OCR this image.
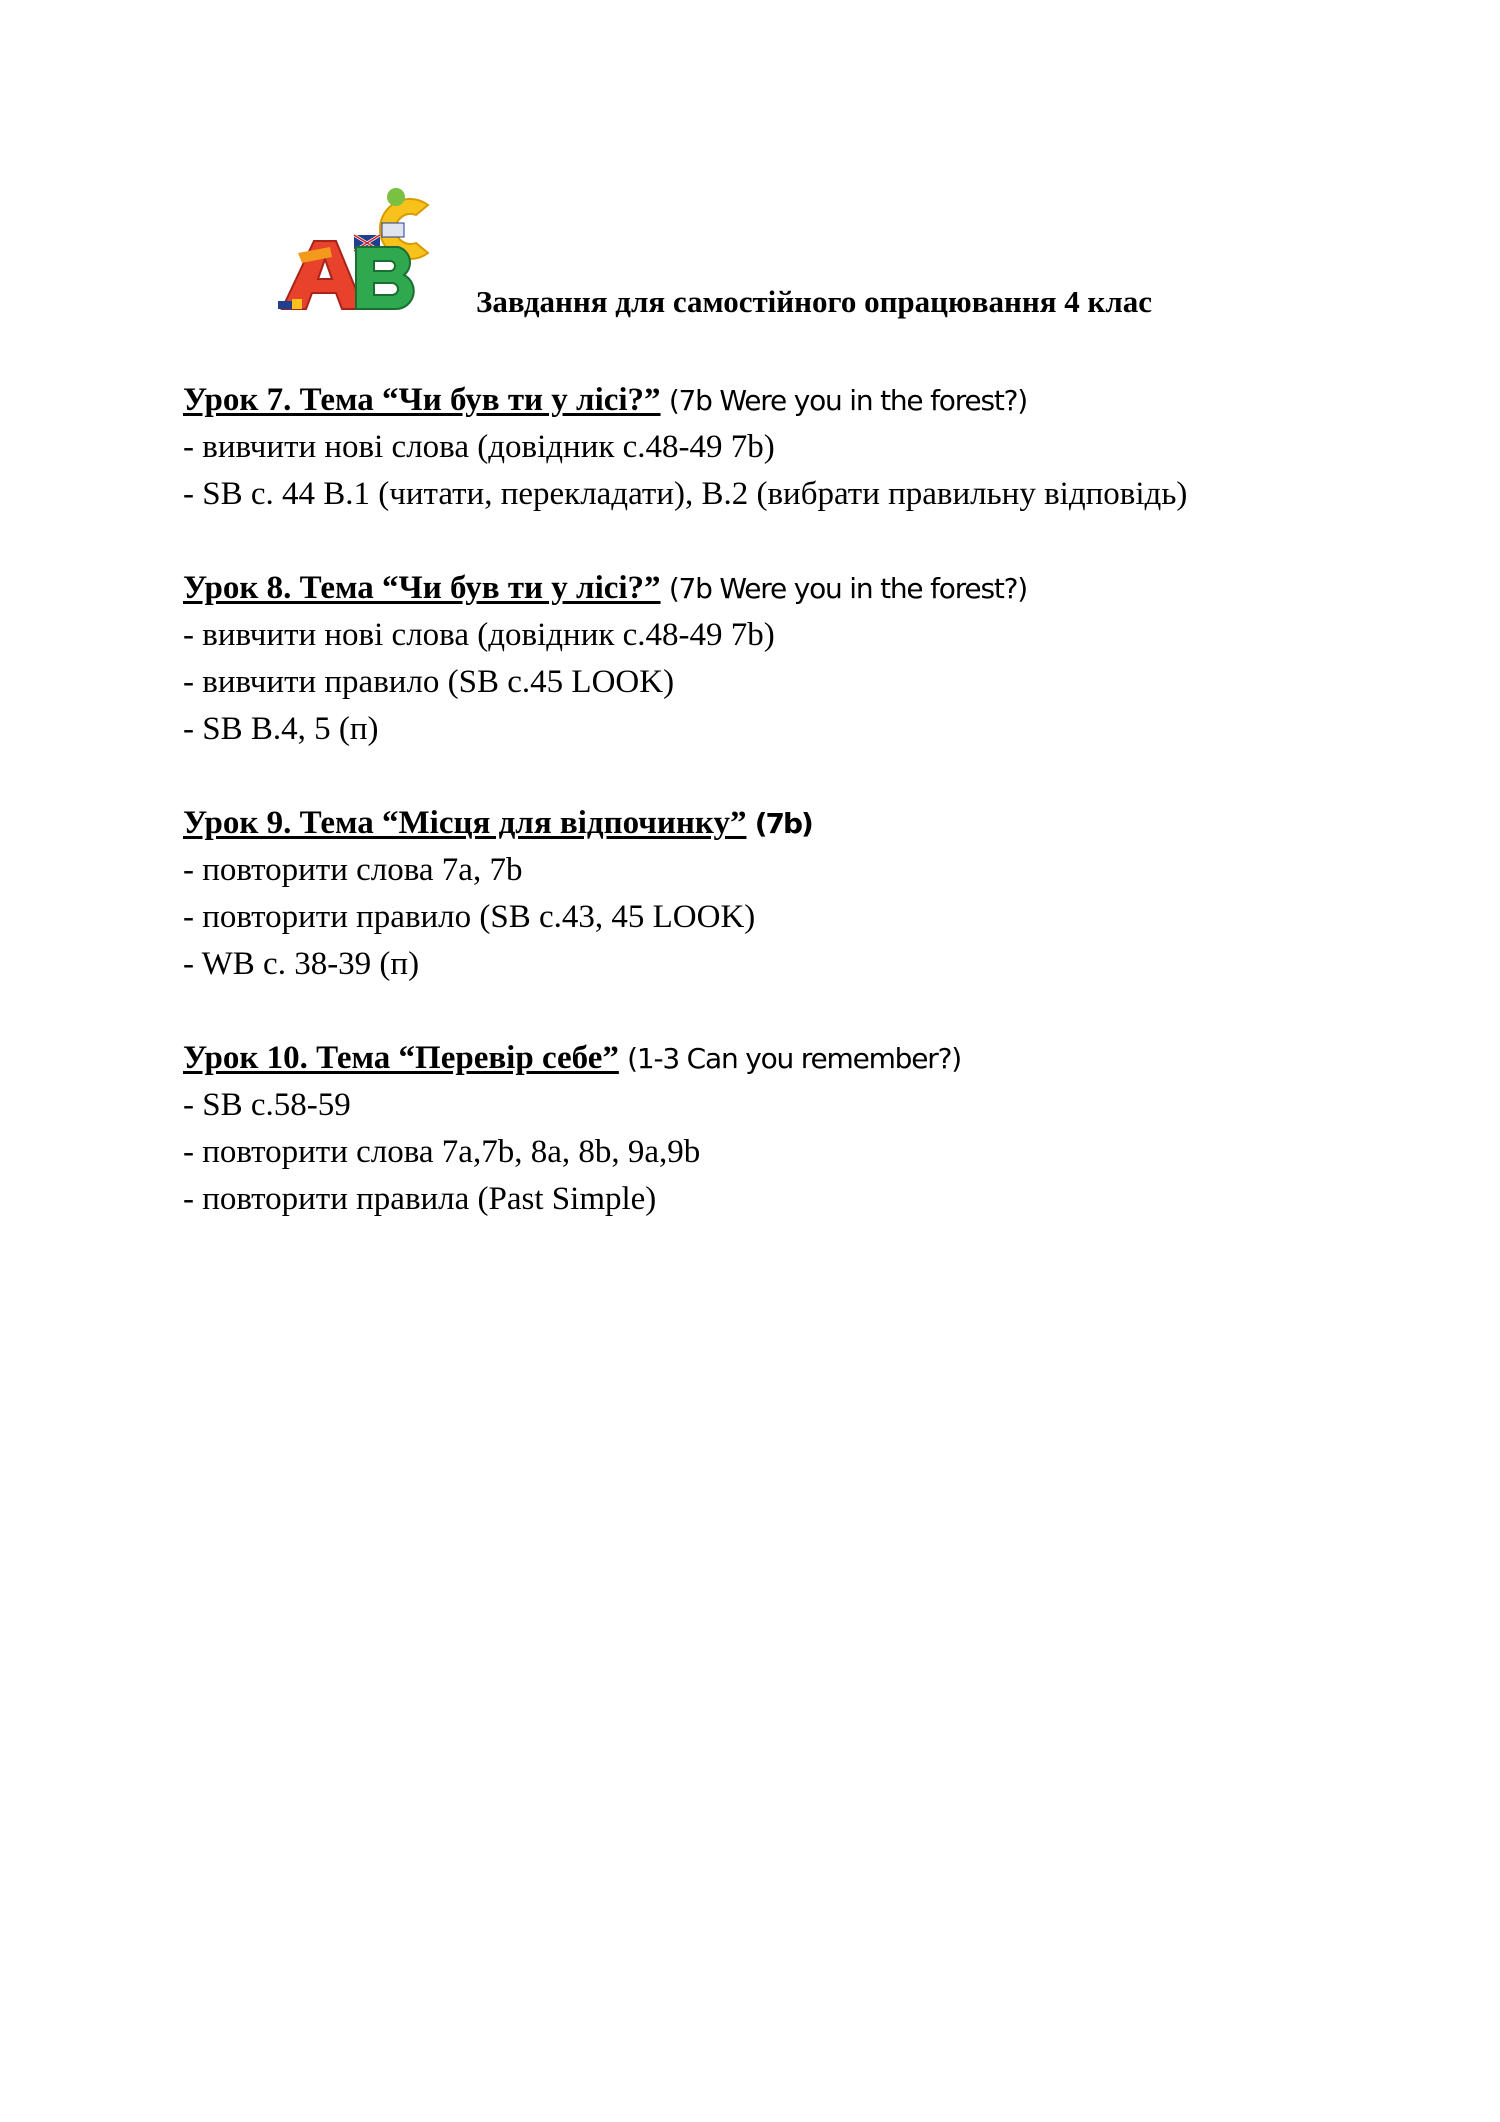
Завдання для самостійного опрацювання 4 клас
Урок 7. Тема “Чи був ти у лісі?” (7b Were you in the forest?)
- вивчити нові слова (довідник с.48-49 7b)
- SB с. 44 В.1 (читати, перекладати), В.2 (вибрати правильну відповідь)
Урок 8. Тема “Чи був ти у лісі?” (7b Were you in the forest?)
- вивчити нові слова (довідник с.48-49 7b)
- вивчити правило (SB с.45 LOOK)
- SB В.4, 5 (п)
Урок 9. Тема “Місця для відпочинку” (7b)
- повторити слова 7а, 7b
- повторити правило (SB с.43, 45 LOOK)
- WB с. 38-39 (п)
Урок 10. Тема “Перевір себе” (1-3 Can you remember?)
- SB c.58-59
- повторити слова 7а,7b, 8a, 8b, 9a,9b
- повторити правила (Past Simple)
